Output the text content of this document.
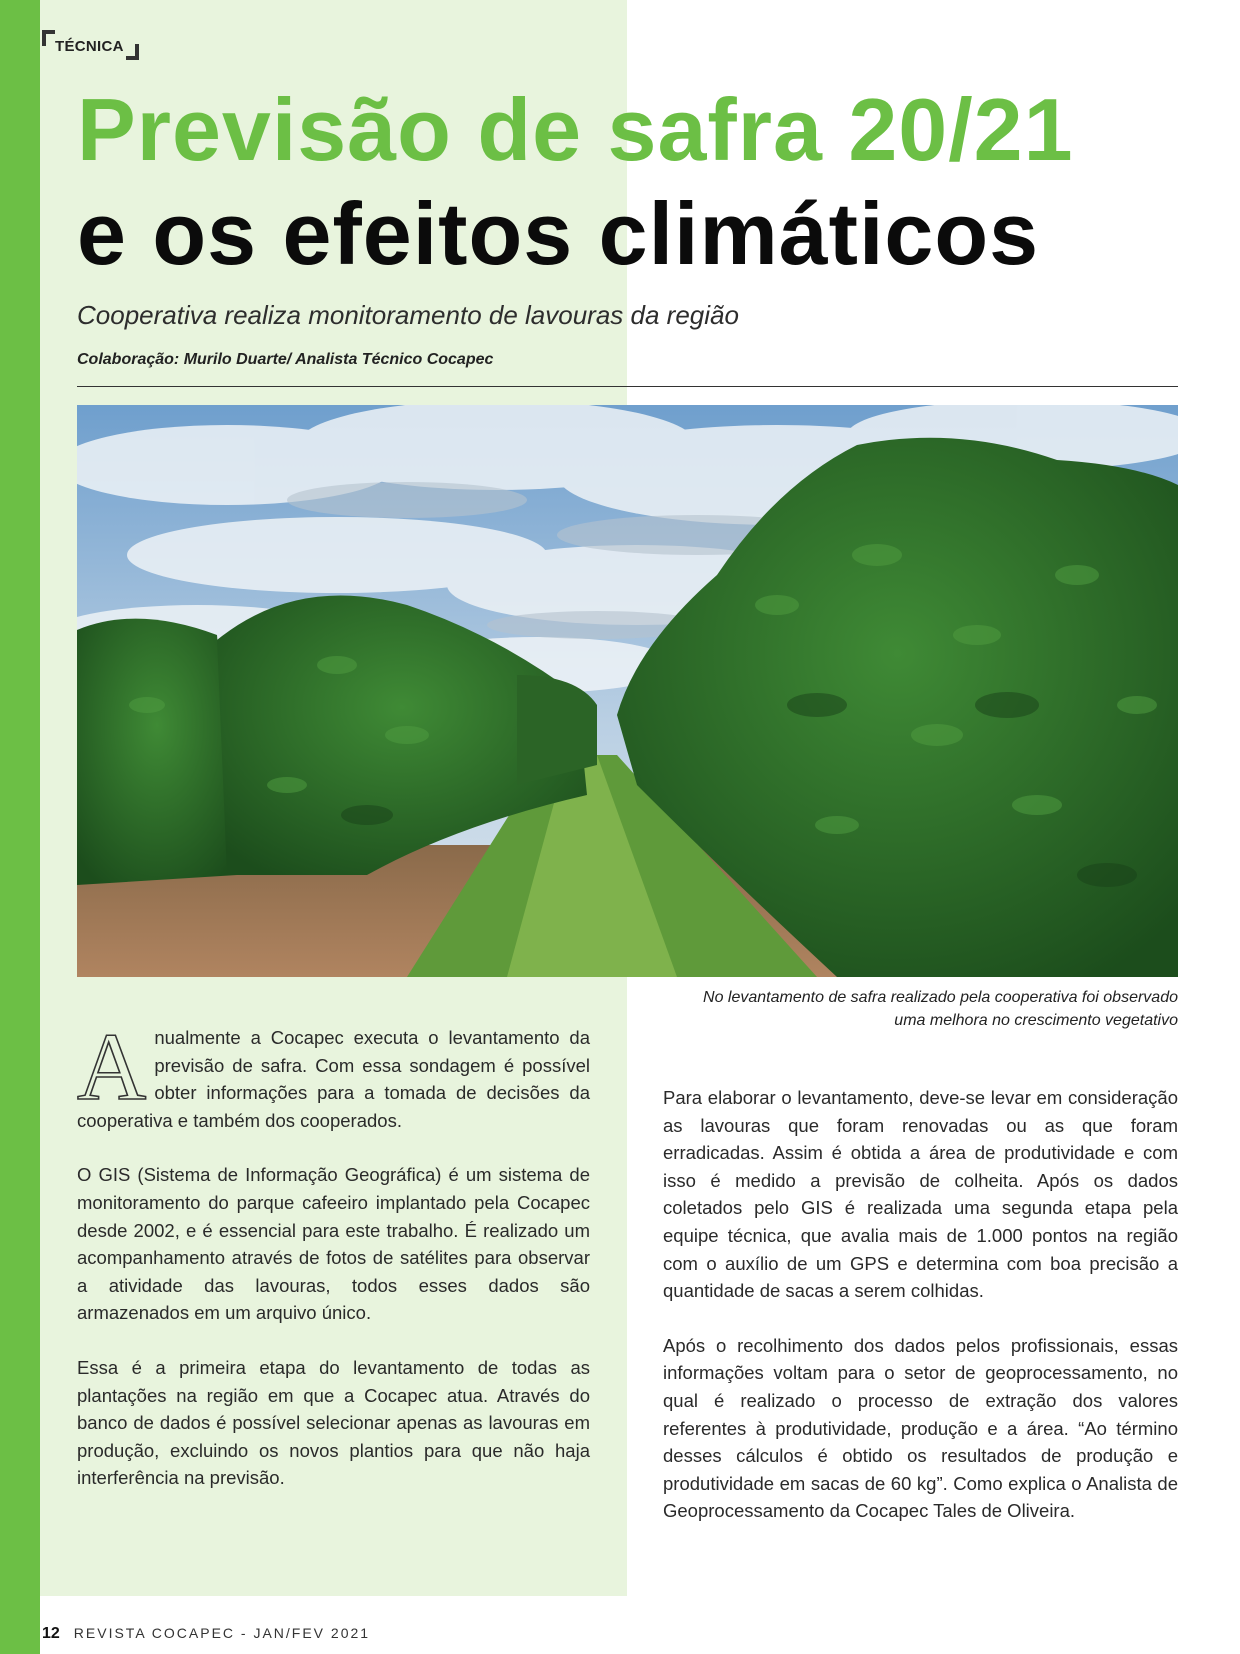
TÉCNICA
Previsão de safra 20/21
e os efeitos climáticos
Cooperativa realiza monitoramento de lavouras da região
Colaboração: Murilo Duarte/ Analista Técnico Cocapec
No levantamento de safra realizado pela cooperativa foi observado
uma melhora no crescimento vegetativo

Anualmente a Cocapec executa o levantamento da previsão de safra. Com essa sondagem é possível obter informações para a tomada de decisões da cooperativa e também dos cooperados.

O GIS (Sistema de Informação Geográfica) é um sistema de monitoramento do parque cafeeiro implantado pela Cocapec desde 2002, e é essencial para este trabalho. É realizado um acompanhamento através de fotos de satélites para observar a atividade das lavouras, todos esses dados são armazenados em um arquivo único.

Essa é a primeira etapa do levantamento de todas as plantações na região em que a Cocapec atua. Através do banco de dados é possível selecionar apenas as lavouras em produção, excluindo os novos plantios para que não haja interferência na previsão.

Para elaborar o levantamento, deve-se levar em consideração as lavouras que foram renovadas ou as que foram erradicadas. Assim é obtida a área de produtividade e com isso é medido a previsão de colheita. Após os dados coletados pelo GIS é realizada uma segunda etapa pela equipe técnica, que avalia mais de 1.000 pontos na região com o auxílio de um GPS e determina com boa precisão a quantidade de sacas a serem colhidas.

Após o recolhimento dos dados pelos profissionais, essas informações voltam para o setor de geoprocessamento, no qual é realizado o processo de extração dos valores referentes à produtividade, produção e a área. “Ao término desses cálculos é obtido os resultados de produção e produtividade em sacas de 60 kg”. Como explica o Analista de Geoprocessamento da Cocapec Tales de Oliveira.

12 REVISTA COCAPEC - JAN/FEV 2021
